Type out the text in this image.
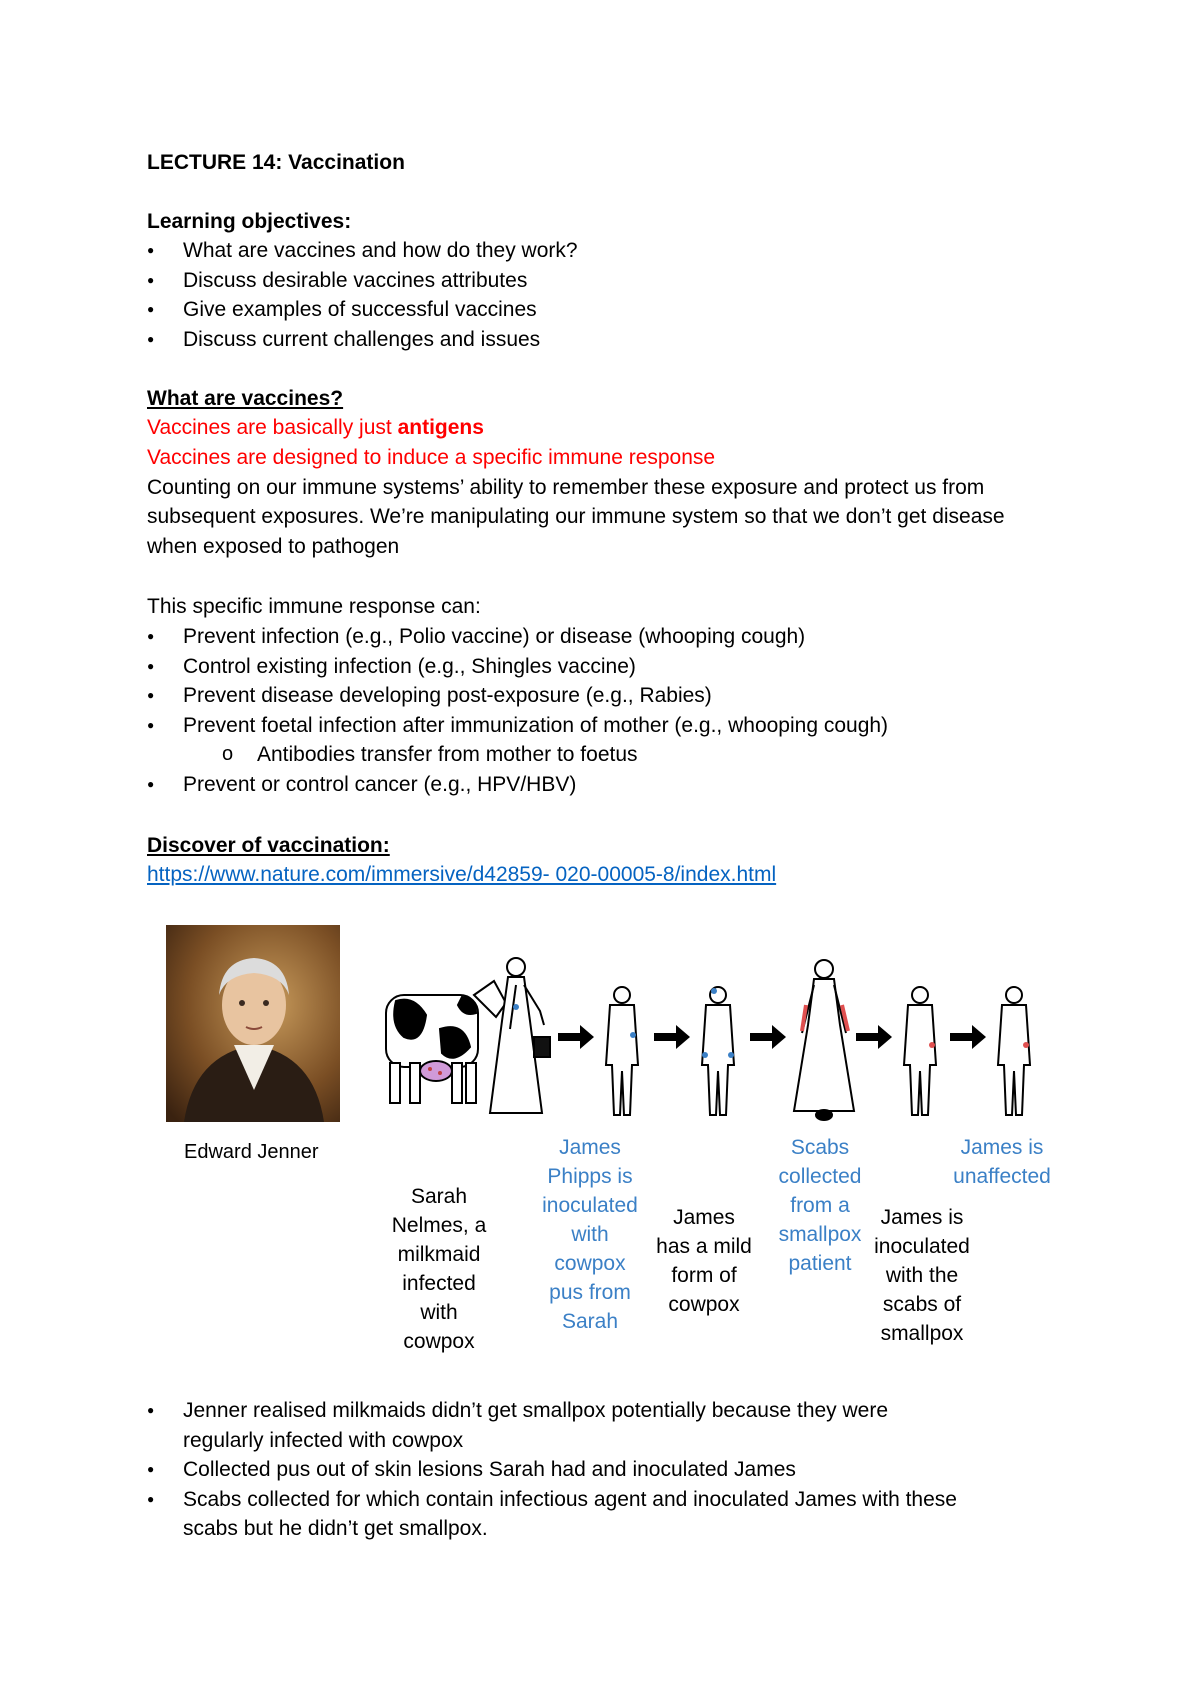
LECTURE 14: Vaccination
Learning objectives:
● What are vaccines and how do they work?
● Discuss desirable vaccines attributes
● Give examples of successful vaccines
● Discuss current challenges and issues
What are vaccines?
Vaccines are basically just antigens
Vaccines are designed to induce a specific immune response
Counting on our immune systems’ ability to remember these exposure and protect us from
subsequent exposures. We’re manipulating our immune system so that we don’t get disease
when exposed to pathogen
This specific immune response can:
● Prevent infection (e.g., Polio vaccine) or disease (whooping cough)
● Control existing infection (e.g., Shingles vaccine)
● Prevent disease developing post-exposure (e.g., Rabies)
● Prevent foetal infection after immunization of mother (e.g., whooping cough)
o Antibodies transfer from mother to foetus
● Prevent or control cancer (e.g., HPV/HBV)
Discover of vaccination:
https://www.nature.com/immersive/d42859- 020-00005-8/index.html
Edward Jenner
Sarah
Nelmes, a
milkmaid
infected
with
cowpox
James
Phipps is
inoculated
with
cowpox
pus from
Sarah
James
has a mild
form of
cowpox
Scabs
collected
from a
smallpox
patient
James is
inoculated
with the
scabs of
smallpox
James is
unaffected
● Jenner realised milkmaids didn’t get smallpox potentially because they were
regularly infected with cowpox
● Collected pus out of skin lesions Sarah had and inoculated James
● Scabs collected for which contain infectious agent and inoculated James with these
scabs but he didn’t get smallpox.
